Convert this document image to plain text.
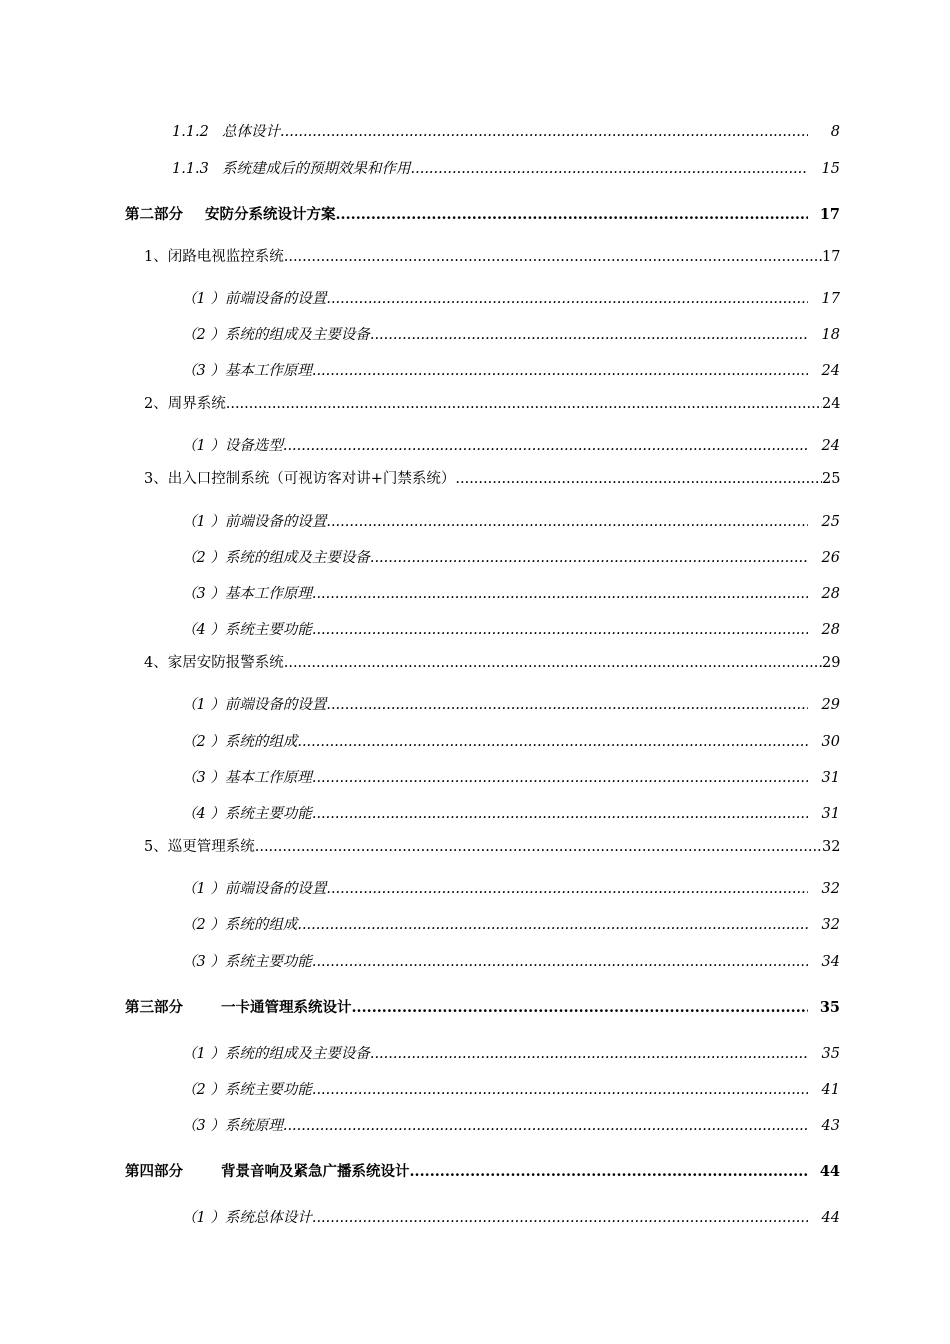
1.1.2 总体设计 .....	8
1.1.3 系统建成后的预期效果和作用 .....	15
第二部分 安防分系统设计方案 .....	17
1、闭路电视监控系统 .....	17
（1 ）前端设备的设置 .....	17
（2 ）系统的组成及主要设备 .....	18
（3 ）基本工作原理 .....	24
2、周界系统 .....	24
（1 ）设备选型 .....	24
3、出入口控制系统（可视访客对讲+门禁系统） .....	25
（1 ）前端设备的设置 .....	25
（2 ）系统的组成及主要设备 .....	26
（3 ）基本工作原理 .....	28
（4 ）系统主要功能 .....	28
4、家居安防报警系统 .....	29
（1 ）前端设备的设置 .....	29
（2 ）系统的组成 .....	30
（3 ）基本工作原理 .....	31
（4 ）系统主要功能 .....	31
5、巡更管理系统 .....	32
（1 ）前端设备的设置 .....	32
（2 ）系统的组成 .....	32
（3 ）系统主要功能 .....	34
第三部分	一卡通管理系统设计 .....	35
（1 ）系统的组成及主要设备 .....	35
（2 ）系统主要功能 .....	41
（3 ）系统原理 .....	43
第四部分	背景音响及紧急广播系统设计 .....	44
（1 ）系统总体设计 .....	44
